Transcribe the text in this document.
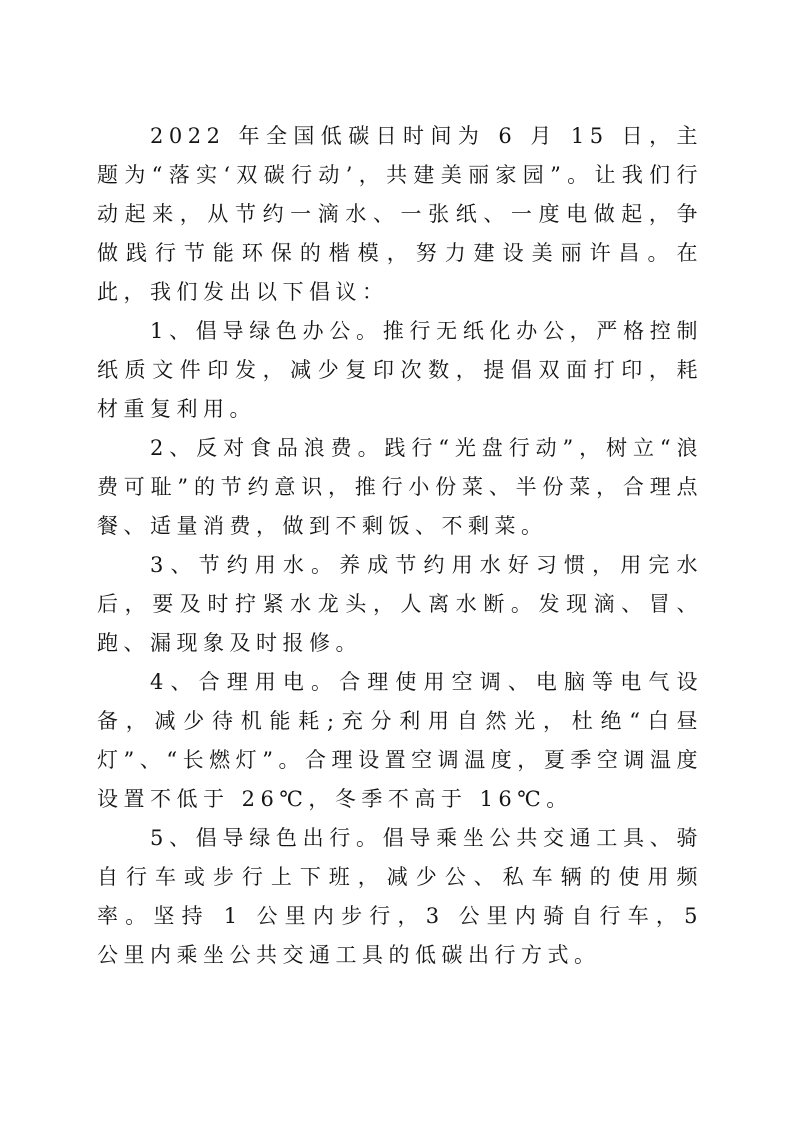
2022 年全国低碳日时间为 6 月 15 日，主题为“落实‘双碳行动’，共建美丽家园”。让我们行动起来，从节约一滴水、一张纸、一度电做起，争做践行节能环保的楷模，努力建设美丽许昌。在此，我们发出以下倡议：

1、倡导绿色办公。推行无纸化办公，严格控制纸质文件印发，减少复印次数，提倡双面打印，耗材重复利用。

2、反对食品浪费。践行“光盘行动”，树立“浪费可耻”的节约意识，推行小份菜、半份菜，合理点餐、适量消费，做到不剩饭、不剩菜。

3、节约用水。养成节约用水好习惯，用完水后，要及时拧紧水龙头，人离水断。发现滴、冒、跑、漏现象及时报修。

4、合理用电。合理使用空调、电脑等电气设备，减少待机能耗;充分利用自然光，杜绝“白昼灯”、“长燃灯”。合理设置空调温度，夏季空调温度设置不低于 26℃，冬季不高于 16℃。

5、倡导绿色出行。倡导乘坐公共交通工具、骑自行车或步行上下班，减少公、私车辆的使用频率。坚持 1 公里内步行，3 公里内骑自行车，5 公里内乘坐公共交通工具的低碳出行方式。
